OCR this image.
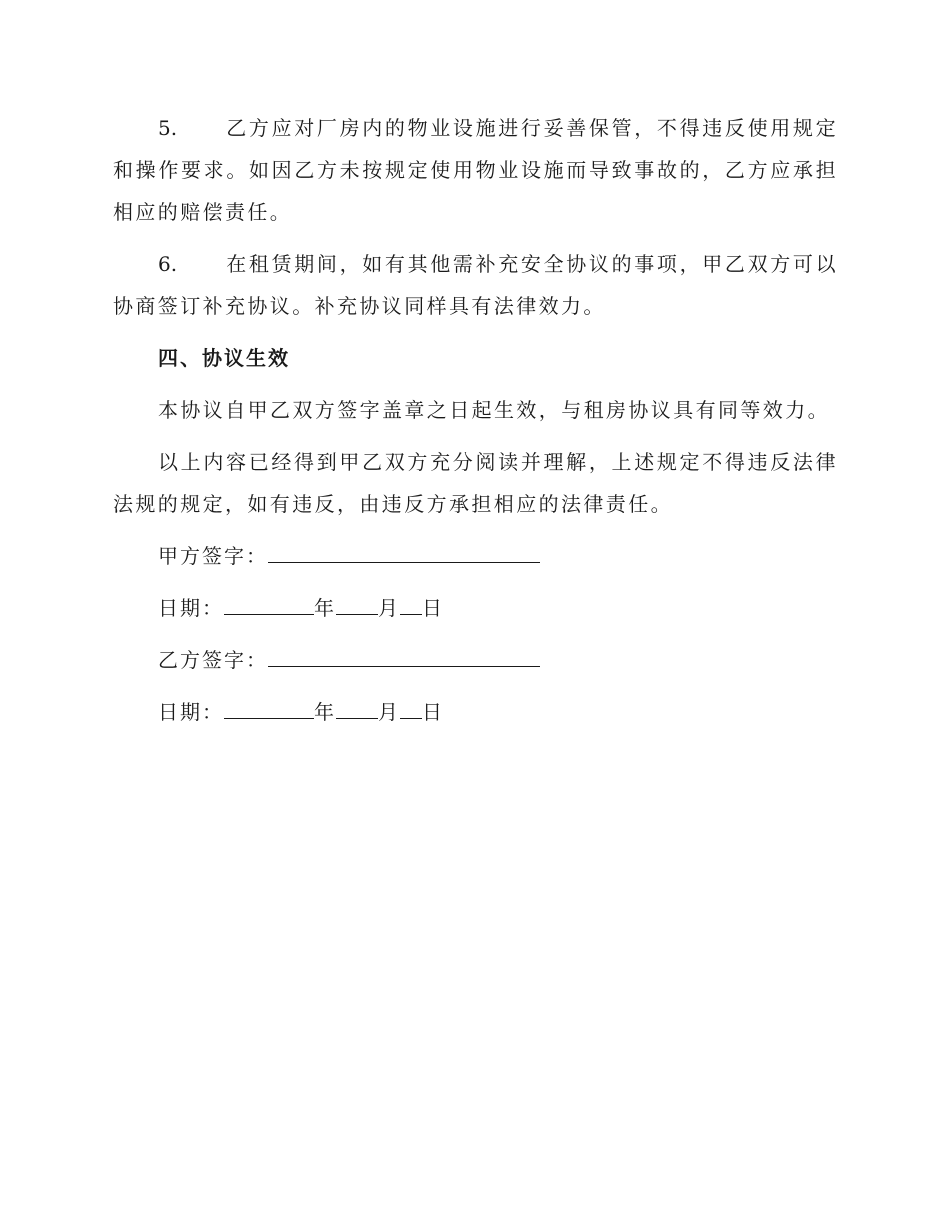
5. 乙方应对厂房内的物业设施进行妥善保管，不得违反使用规定和操作要求。如因乙方未按规定使用物业设施而导致事故的，乙方应承担相应的赔偿责任。

6. 在租赁期间，如有其他需补充安全协议的事项，甲乙双方可以协商签订补充协议。补充协议同样具有法律效力。

四、协议生效

本协议自甲乙双方签字盖章之日起生效，与租房协议具有同等效力。

以上内容已经得到甲乙双方充分阅读并理解，上述规定不得违反法律法规的规定，如有违反，由违反方承担相应的法律责任。

甲方签字：
日期：	年 月 日
乙方签字：
日期：	年 月 日
